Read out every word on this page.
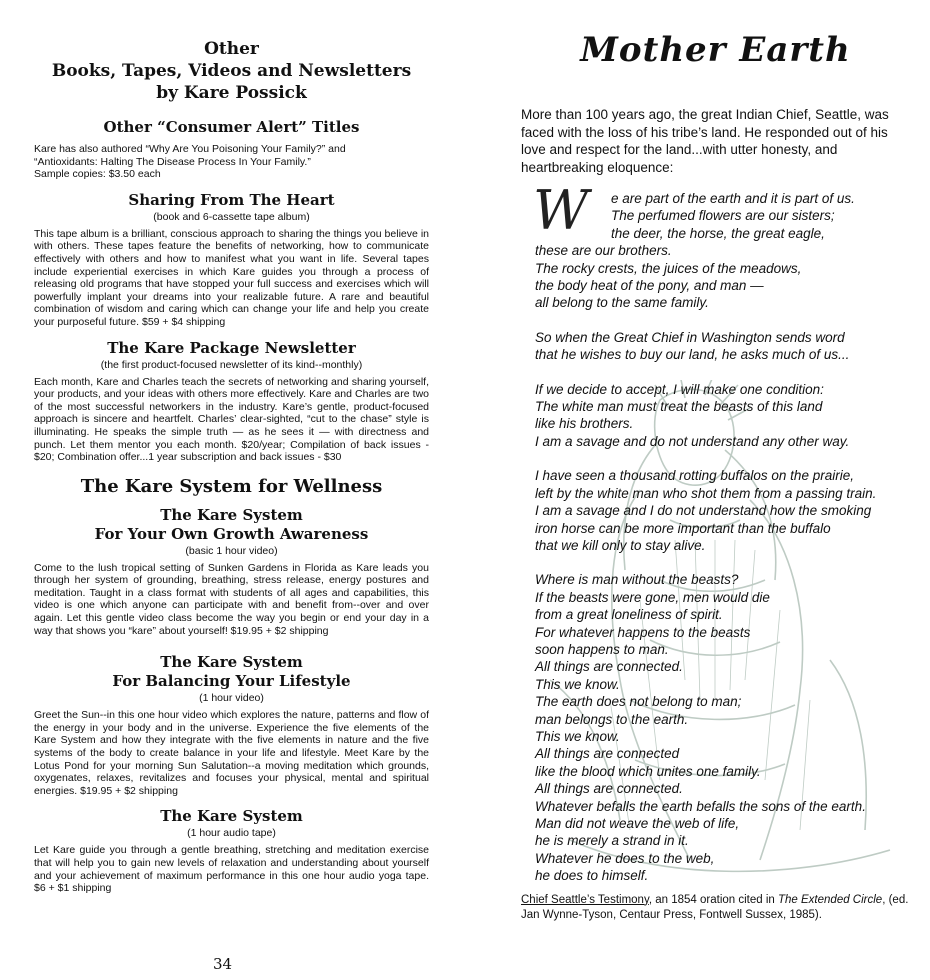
Other
Books, Tapes, Videos and Newsletters
by Kare Possick
Other “Consumer Alert” Titles

Kare has also authored “Why Are You Poisoning Your Family?” and

“Antioxidants: Halting The Disease Process In Your Family.”

Sample copies: $3.50 each

Sharing From The Heart

(book and 6-cassette tape album)

This tape album is a brilliant, conscious approach to sharing the things you believe in with others. These tapes feature the benefits of networking, how to communicate effectively with others and how to manifest what you want in life. Several tapes include experiential exercises in which Kare guides you through a process of releasing old programs that have stopped your full success and exercises which will powerfully implant your dreams into your realizable future. A rare and beautiful combination of wisdom and caring which can change your life and help you create your purposeful future. $59 + $4 shipping

The Kare Package Newsletter

(the first product-focused newsletter of its kind--monthly)

Each month, Kare and Charles teach the secrets of networking and sharing yourself, your products, and your ideas with others more effectively. Kare and Charles are two of the most successful networkers in the industry. Kare’s gentle, product-focused approach is sincere and heartfelt. Charles’ clear-sighted, “cut to the chase” style is illuminating. He speaks the simple truth — as he sees it — with directness and punch. Let them mentor you each month. $20/year; Compilation of back issues - $20; Combination offer...1 year subscription and back issues - $30

The Kare System for Wellness
The Kare System
For Your Own Growth Awareness

(basic 1 hour video)

Come to the lush tropical setting of Sunken Gardens in Florida as Kare leads you through her system of grounding, breathing, stress release, energy postures and meditation. Taught in a class format with students of all ages and capabilities, this video is one which anyone can participate with and benefit from--over and over again. Let this gentle video class become the way you begin or end your day in a way that shows you “kare” about yourself! $19.95 + $2 shipping

The Kare System
For Balancing Your Lifestyle

(1 hour video)

Greet the Sun--in this one hour video which explores the nature, patterns and flow of the energy in your body and in the universe. Experience the five elements of the Kare System and how they integrate with the five elements in nature and the five systems of the body to create balance in your life and lifestyle. Meet Kare by the Lotus Pond for your morning Sun Salutation--a moving meditation which grounds, oxygenates, relaxes, revitalizes and focuses your physical, mental and spiritual energies. $19.95 + $2 shipping

The Kare System

(1 hour audio tape)

Let Kare guide you through a gentle breathing, stretching and meditation exercise that will help you to gain new levels of relaxation and understanding about yourself and your achievement of maximum performance in this one hour audio yoga tape. $6 + $1 shipping

34
Mother Earth

More than 100 years ago, the great Indian Chief, Seattle, was faced with the loss of his tribe’s land. He responded out of his love and respect for the land...with utter honesty, and heartbreaking eloquence:

W	e are part of the earth and it is part of us.
The perfumed flowers are our sisters;
the deer, the horse, the great eagle,
these are our brothers.
The rocky crests, the juices of the meadows,
the body heat of the pony, and man —
all belong to the same family.
So when the Great Chief in Washington sends word
that he wishes to buy our land, he asks much of us...
If we decide to accept, I will make one condition:
The white man must treat the beasts of this land
like his brothers.
I am a savage and do not understand any other way.
I have seen a thousand rotting buffalos on the prairie,
left by the white man who shot them from a passing train.
I am a savage and I do not understand how the smoking
iron horse can be more important than the buffalo
that we kill only to stay alive.
Where is man without the beasts?
If the beasts were gone, men would die
from a great loneliness of spirit.
For whatever happens to the beasts
soon happens to man.
All things are connected.
This we know.
The earth does not belong to man;
man belongs to the earth.
This we know.
All things are connected
like the blood which unites one family.
All things are connected.
Whatever befalls the earth befalls the sons of the earth.
Man did not weave the web of life,
he is merely a strand in it.
Whatever he does to the web,
he does to himself.

Chief Seattle’s Testimony, an 1854 oration cited in The Extended Circle, (ed. Jan Wynne-Tyson, Centaur Press, Fontwell Sussex, 1985).
